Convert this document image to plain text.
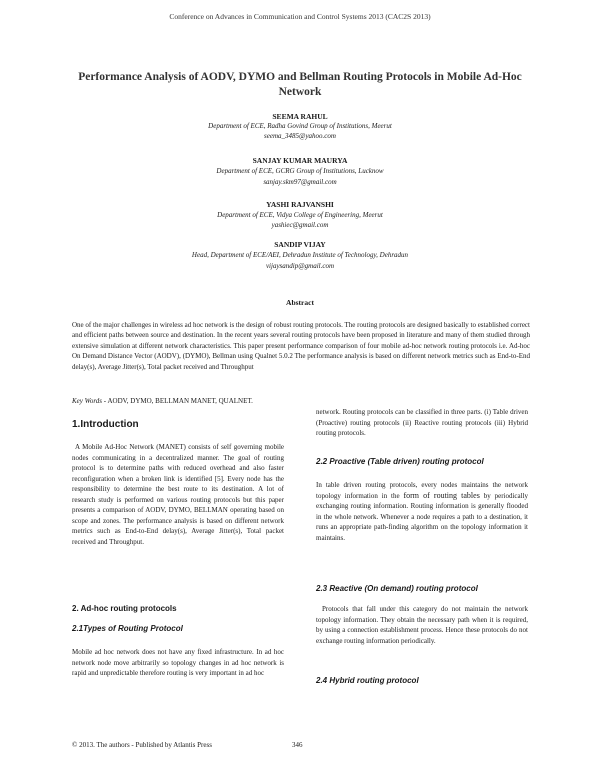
Conference on Advances in Communication and Control Systems 2013 (CAC2S 2013)
Performance Analysis of AODV, DYMO and Bellman Routing Protocols in Mobile Ad-Hoc Network
SEEMA RAHUL
Department of ECE, Radha Govind Group of Institutions, Meerut
seema_3485@yahoo.com
SANJAY KUMAR MAURYA
Department of ECE, GCRG Group of Institutions, Lucknow
sanjay.skm97@gmail.com
YASHI RAJVANSHI
Department of ECE, Vidya College of Engineering, Meerut
yashiec@gmail.com
SANDIP VIJAY
Head, Department of ECE/AEI, Dehradun Institute of Technology, Dehradun
vijaysandip@gmail.com
Abstract

One of the major challenges in wireless ad hoc network is the design of robust routing protocols. The routing protocols are designed basically to established correct and efficient paths between source and destination. In the recent years several routing protocols have been proposed in literature and many of them studied through extensive simulation at different network characteristics. This paper present performance comparison of four mobile ad-hoc network routing protocols i.e. Ad-hoc On Demand Distance Vector (AODV), (DYMO), Bellman using Qualnet 5.0.2 The performance analysis is based on different network metrics such as End-to-End delay(s), Average Jitter(s), Total packet received and Throughput

Key Words - AODV, DYMO, BELLMAN MANET, QUALNET.
1.Introduction

A Mobile Ad-Hoc Network (MANET) consists of self governing mobile nodes communicating in a decentralized manner. The goal of routing protocol is to determine paths with reduced overhead and also faster reconfiguration when a broken link is identified [5]. Every node has the responsibility to determine the best route to its destination. A lot of research study is performed on various routing protocols but this paper presents a comparison of AODV, DYMO, BELLMAN operating based on scope and zones. The performance analysis is based on different network metrics such as End-to-End delay(s), Average Jitter(s), Total packet received and Throughput.

2. Ad-hoc routing protocols
2.1Types of Routing Protocol

Mobile ad hoc network does not have any fixed infrastructure. In ad hoc network node move arbitrarily so topology changes in ad hoc network is rapid and unpredictable therefore routing is very important in ad hoc

network. Routing protocols can be classified in three parts. (i) Table driven (Proactive) routing protocols (ii) Reactive routing protocols (iii) Hybrid routing protocols.

2.2 Proactive (Table driven) routing protocol

In table driven routing protocols, every nodes maintains the network topology information in the form of routing tables by periodically exchanging routing information. Routing information is generally flooded in the whole network. Whenever a node requires a path to a destination, it runs an appropriate path-finding algorithm on the topology information it maintains.

2.3 Reactive (On demand) routing protocol

Protocols that fall under this category do not maintain the network topology information. They obtain the necessary path when it is required, by using a connection establishment process. Hence these protocols do not exchange routing information periodically.

2.4 Hybrid routing protocol
© 2013. The authors - Published by Atlantis Press	346
